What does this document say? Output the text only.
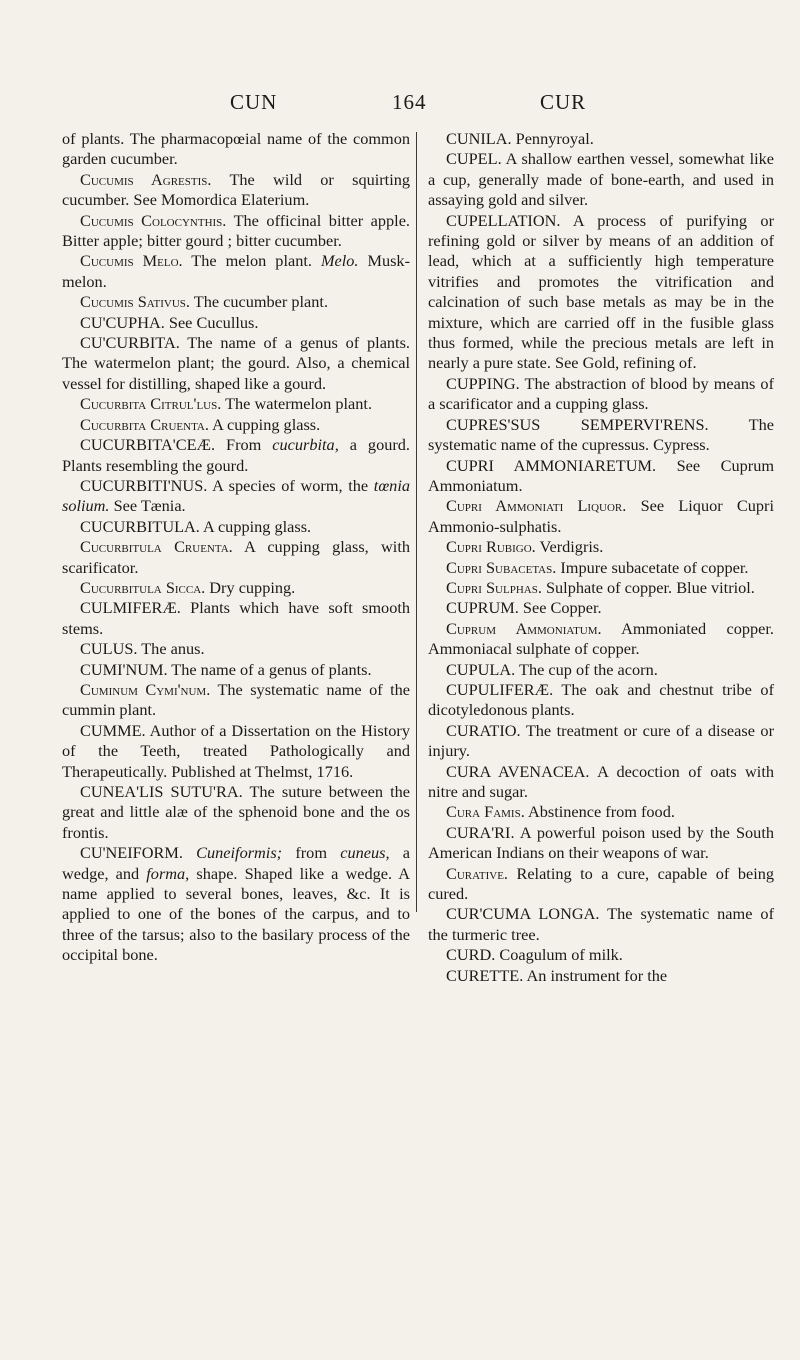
CUN	164	CUR

of plants. The pharmacopœial name of the common garden cucumber.

Cucumis Agrestis. The wild or squirting cucumber. See Momordica Elaterium.

Cucumis Colocynthis. The officinal bitter apple. Bitter apple; bitter gourd ; bitter cucumber.

Cucumis Melo. The melon plant. Melo. Musk-melon.

Cucumis Sativus. The cucumber plant.

CU'CUPHA. See Cucullus.

CU'CURBITA. The name of a genus of plants. The watermelon plant; the gourd. Also, a chemical vessel for distilling, shaped like a gourd.

Cucurbita Citrul'lus. The watermelon plant.

Cucurbita Cruenta. A cupping glass.

CUCURBITA'CEÆ. From cucurbita, a gourd. Plants resembling the gourd.

CUCURBITI'NUS. A species of worm, the tœnia solium. See Tænia.

CUCURBITULA. A cupping glass.

Cucurbitula Cruenta. A cupping glass, with scarificator.

Cucurbitula Sicca. Dry cupping.

CULMIFERÆ. Plants which have soft smooth stems.

CULUS. The anus.

CUMI'NUM. The name of a genus of plants.

Cuminum Cymi'num. The systematic name of the cummin plant.

CUMME. Author of a Dissertation on the History of the Teeth, treated Pathologically and Therapeutically. Published at Thelmst, 1716.

CUNEA'LIS SUTU'RA. The suture between the great and little alæ of the sphenoid bone and the os frontis.

CU'NEIFORM. Cuneiformis; from cuneus, a wedge, and forma, shape. Shaped like a wedge. A name applied to several bones, leaves, &c. It is applied to one of the bones of the carpus, and to three of the tarsus; also to the basilary process of the occipital bone.

CUNILA. Pennyroyal.

CUPEL. A shallow earthen vessel, somewhat like a cup, generally made of bone-earth, and used in assaying gold and silver.

CUPELLATION. A process of purifying or refining gold or silver by means of an addition of lead, which at a sufficiently high temperature vitrifies and promotes the vitrification and calcination of such base metals as may be in the mixture, which are carried off in the fusible glass thus formed, while the precious metals are left in nearly a pure state. See Gold, refining of.

CUPPING. The abstraction of blood by means of a scarificator and a cupping glass.

CUPRES'SUS SEMPERVI'RENS. The systematic name of the cupressus. Cypress.

CUPRI AMMONIARETUM. See Cuprum Ammoniatum.

Cupri Ammoniati Liquor. See Liquor Cupri Ammonio-sulphatis.

Cupri Rubigo. Verdigris.

Cupri Subacetas. Impure subacetate of copper.

Cupri Sulphas. Sulphate of copper. Blue vitriol.

CUPRUM. See Copper.

Cuprum Ammoniatum. Ammoniated copper. Ammoniacal sulphate of copper.

CUPULA. The cup of the acorn.

CUPULIFERÆ. The oak and chestnut tribe of dicotyledonous plants.

CURATIO. The treatment or cure of a disease or injury.

CURA AVENACEA. A decoction of oats with nitre and sugar.

Cura Famis. Abstinence from food.

CURA'RI. A powerful poison used by the South American Indians on their weapons of war.

Curative. Relating to a cure, capable of being cured.

CUR'CUMA LONGA. The systematic name of the turmeric tree.

CURD. Coagulum of milk.

CURETTE. An instrument for the
